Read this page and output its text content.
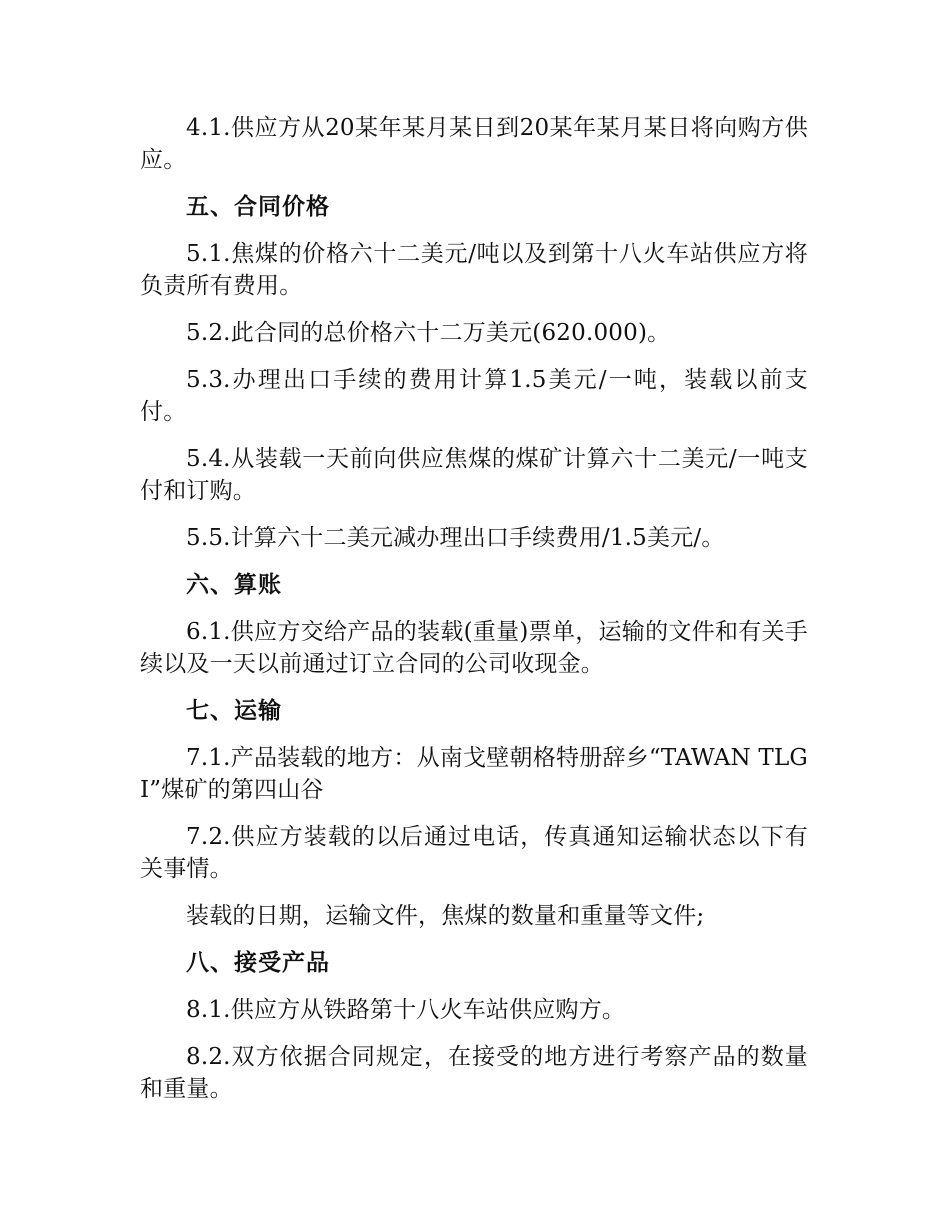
4.1.供应方从20某年某月某日到20某年某月某日将向购方供应。

五、合同价格

5.1.焦煤的价格六十二美元/吨以及到第十八火车站供应方将负责所有费用。

5.2.此合同的总价格六十二万美元(620.000)。

5.3.办理出口手续的费用计算1.5美元/一吨，装载以前支付。

5.4.从装载一天前向供应焦煤的煤矿计算六十二美元/一吨支付和订购。

5.5.计算六十二美元减办理出口手续费用/1.5美元/。

六、算账

6.1.供应方交给产品的装载(重量)票单，运输的文件和有关手续以及一天以前通过订立合同的公司收现金。

七、运输

7.1.产品装载的地方：从南戈壁朝格特册辞乡“TAWAN TLGI”煤矿的第四山谷

7.2.供应方装载的以后通过电话，传真通知运输状态以下有关事情。

装载的日期，运输文件，焦煤的数量和重量等文件;

八、接受产品

8.1.供应方从铁路第十八火车站供应购方。

8.2.双方依据合同规定，在接受的地方进行考察产品的数量和重量。
